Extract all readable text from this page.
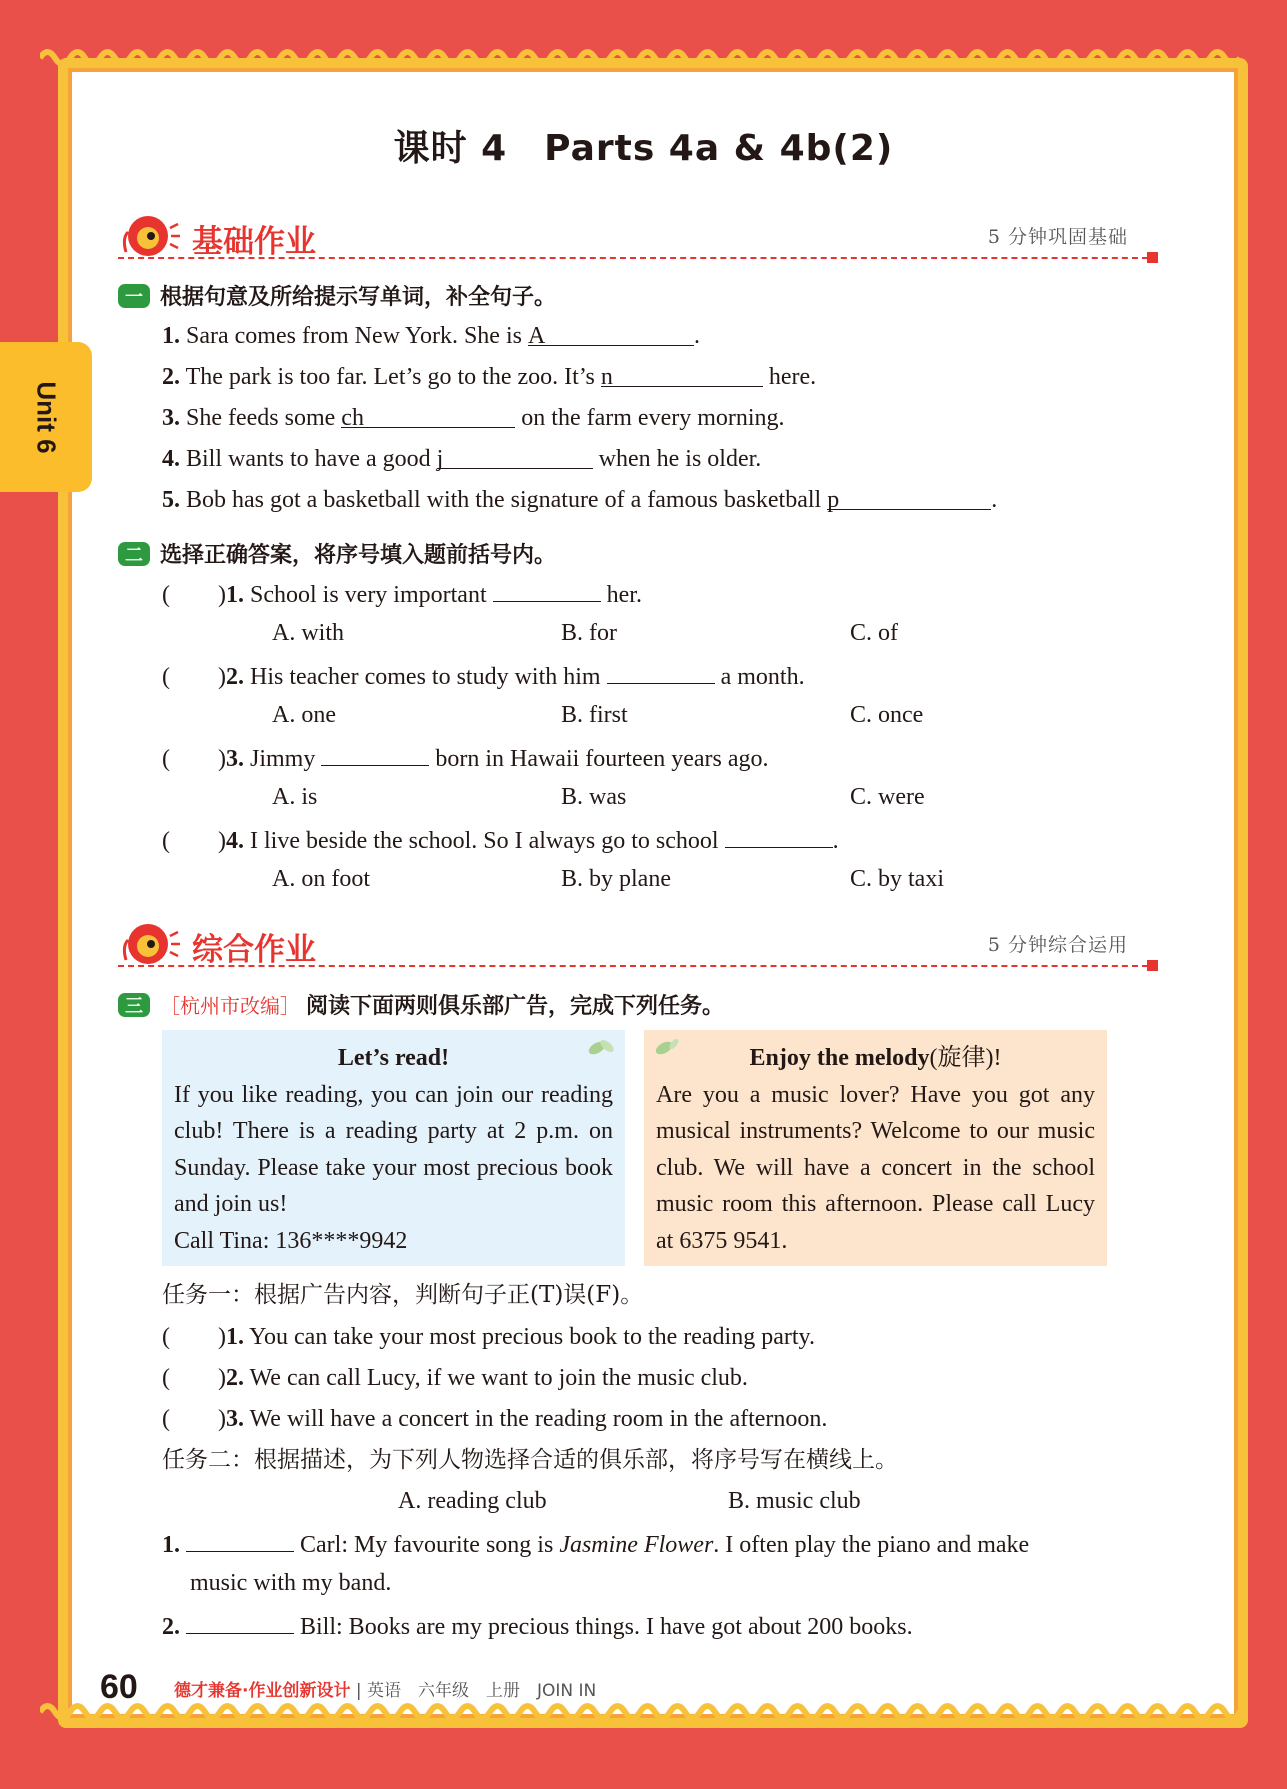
Unit 6
课时 4　Parts 4a & 4b(2)
基础作业	5 分钟巩固基础
一 根据句意及所给提示写单词，补全句子。
1. Sara comes from New York. She is A	.
2. The park is too far. Let’s go to the zoo. It’s n	here.
3. She feeds some ch	on the farm every morning.
4. Bill wants to have a good j	when he is older.
5. Bob has got a basketball with the signature of a famous basketball p	.
二 选择正确答案，将序号填入题前括号内。
(　　)1. School is very important	her.
A. with	B. for	C. of
(　　)2. His teacher comes to study with him	a month.
A. one	B. first	C. once
(　　)3. Jimmy	born in Hawaii fourteen years ago.
A. is	B. was	C. were
(　　)4. I live beside the school. So I always go to school	.
A. on foot	B. by plane	C. by taxi
综合作业	5 分钟综合运用
三 ［杭州市改编］ 阅读下面两则俱乐部广告，完成下列任务。
Let’s read!
If you like reading, you can join our reading club! There is a reading party at 2 p.m. on Sunday. Please take your most precious book and join us!
Call Tina: 136****9942
Enjoy the melody(旋律)!
Are you a music lover? Have you got any musical instruments? Welcome to our music club. We will have a concert in the school music room this afternoon. Please call Lucy at 6375 9541.
任务一：根据广告内容，判断句子正(T)误(F)。
(　　)1. You can take your most precious book to the reading party.
(　　)2. We can call Lucy, if we want to join the music club.
(　　)3. We will have a concert in the reading room in the afternoon.
任务二：根据描述，为下列人物选择合适的俱乐部，将序号写在横线上。
A. reading club	B. music club
1.	Carl: My favourite song is Jasmine Flower. I often play the piano and make
music with my band.
2.	Bill: Books are my precious things. I have got about 200 books.
60 德才兼备·作业创新设计 | 英语　六年级　上册　JOIN IN
